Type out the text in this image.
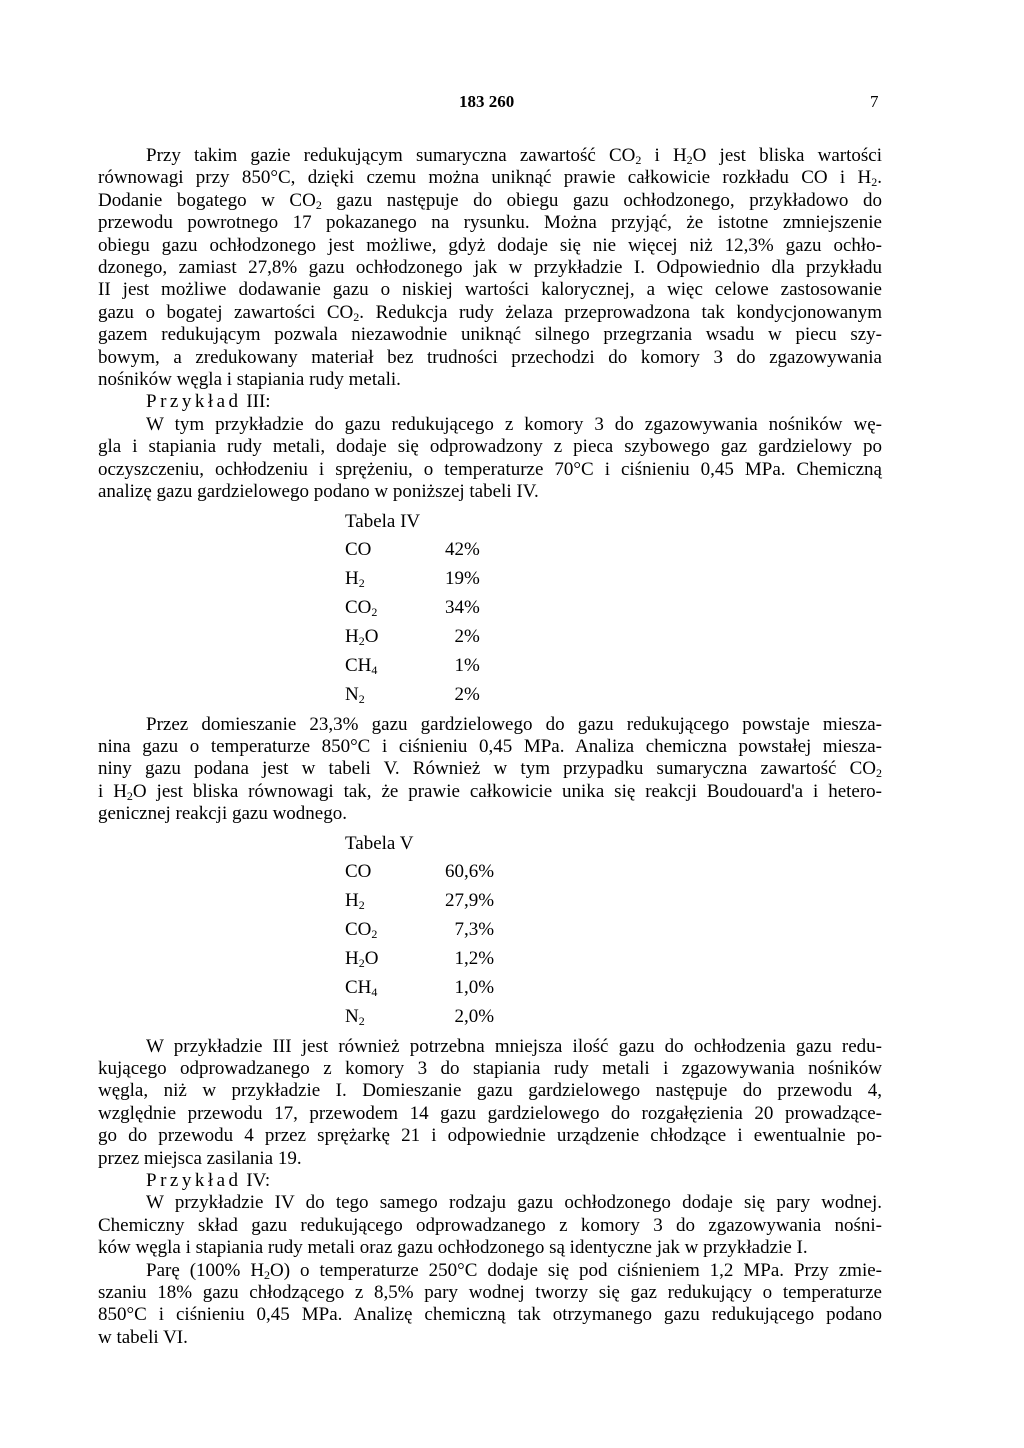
183 260	7
Przy takim gazie redukującym sumaryczna zawartość $CO_2$ i $H_2O$ jest bliska wartości
równowagi przy 850°C, dzięki czemu można uniknąć prawie całkowicie rozkładu CO i $H_2$.
Dodanie bogatego w $CO_2$ gazu następuje do obiegu gazu ochłodzonego, przykładowo do
przewodu powrotnego 17 pokazanego na rysunku. Można przyjąć, że istotne zmniejszenie
obiegu gazu ochłodzonego jest możliwe, gdyż dodaje się nie więcej niż 12,3% gazu ochło-
dzonego, zamiast 27,8% gazu ochłodzonego jak w przykładzie I. Odpowiednio dla przykładu
II jest możliwe dodawanie gazu o niskiej wartości kalorycznej, a więc celowe zastosowanie
gazu o bogatej zawartości $CO_2$. Redukcja rudy żelaza przeprowadzona tak kondycjonowanym
gazem redukującym pozwala niezawodnie uniknąć silnego przegrzania wsadu w piecu szy-
bowym, a zredukowany materiał bez trudności przechodzi do komory 3 do zgazowywania
nośników węgla i stapiania rudy metali.
Przykład III:
W tym przykładzie do gazu redukującego z komory 3 do zgazowywania nośników wę-
gla i stapiania rudy metali, dodaje się odprowadzony z pieca szybowego gaz gardzielowy po
oczyszczeniu, ochłodzeniu i sprężeniu, o temperaturze 70°C i ciśnieniu 0,45 MPa. Chemiczną
analizę gazu gardzielowego podano w poniższej tabeli IV.
Tabela IV
CO	42%
$H_2$	19%
$CO_2$	34%
$H_2O$	2%
$CH_4$	1%
$N_2$	2%
Przez domieszanie 23,3% gazu gardzielowego do gazu redukującego powstaje miesza-
nina gazu o temperaturze 850°C i ciśnieniu 0,45 MPa. Analiza chemiczna powstałej miesza-
niny gazu podana jest w tabeli V. Również w tym przypadku sumaryczna zawartość $CO_2$
i $H_2O$ jest bliska równowagi tak, że prawie całkowicie unika się reakcji Boudouard'a i hetero-
genicznej reakcji gazu wodnego.
Tabela V
CO	60,6%
$H_2$	27,9%
$CO_2$	7,3%
$H_2O$	1,2%
$CH_4$	1,0%
$N_2$	2,0%
W przykładzie III jest również potrzebna mniejsza ilość gazu do ochłodzenia gazu redu-
kującego odprowadzanego z komory 3 do stapiania rudy metali i zgazowywania nośników
węgla, niż w przykładzie I. Domieszanie gazu gardzielowego następuje do przewodu 4,
względnie przewodu 17, przewodem 14 gazu gardzielowego do rozgałęzienia 20 prowadzące-
go do przewodu 4 przez sprężarkę 21 i odpowiednie urządzenie chłodzące i ewentualnie po-
przez miejsca zasilania 19.
Przykład IV:
W przykładzie IV do tego samego rodzaju gazu ochłodzonego dodaje się pary wodnej.
Chemiczny skład gazu redukującego odprowadzanego z komory 3 do zgazowywania nośni-
ków węgla i stapiania rudy metali oraz gazu ochłodzonego są identyczne jak w przykładzie I.
Parę (100% $H_2O$) o temperaturze 250°C dodaje się pod ciśnieniem 1,2 MPa. Przy zmie-
szaniu 18% gazu chłodzącego z 8,5% pary wodnej tworzy się gaz redukujący o temperaturze
850°C i ciśnieniu 0,45 MPa. Analizę chemiczną tak otrzymanego gazu redukującego podano
w tabeli VI.
